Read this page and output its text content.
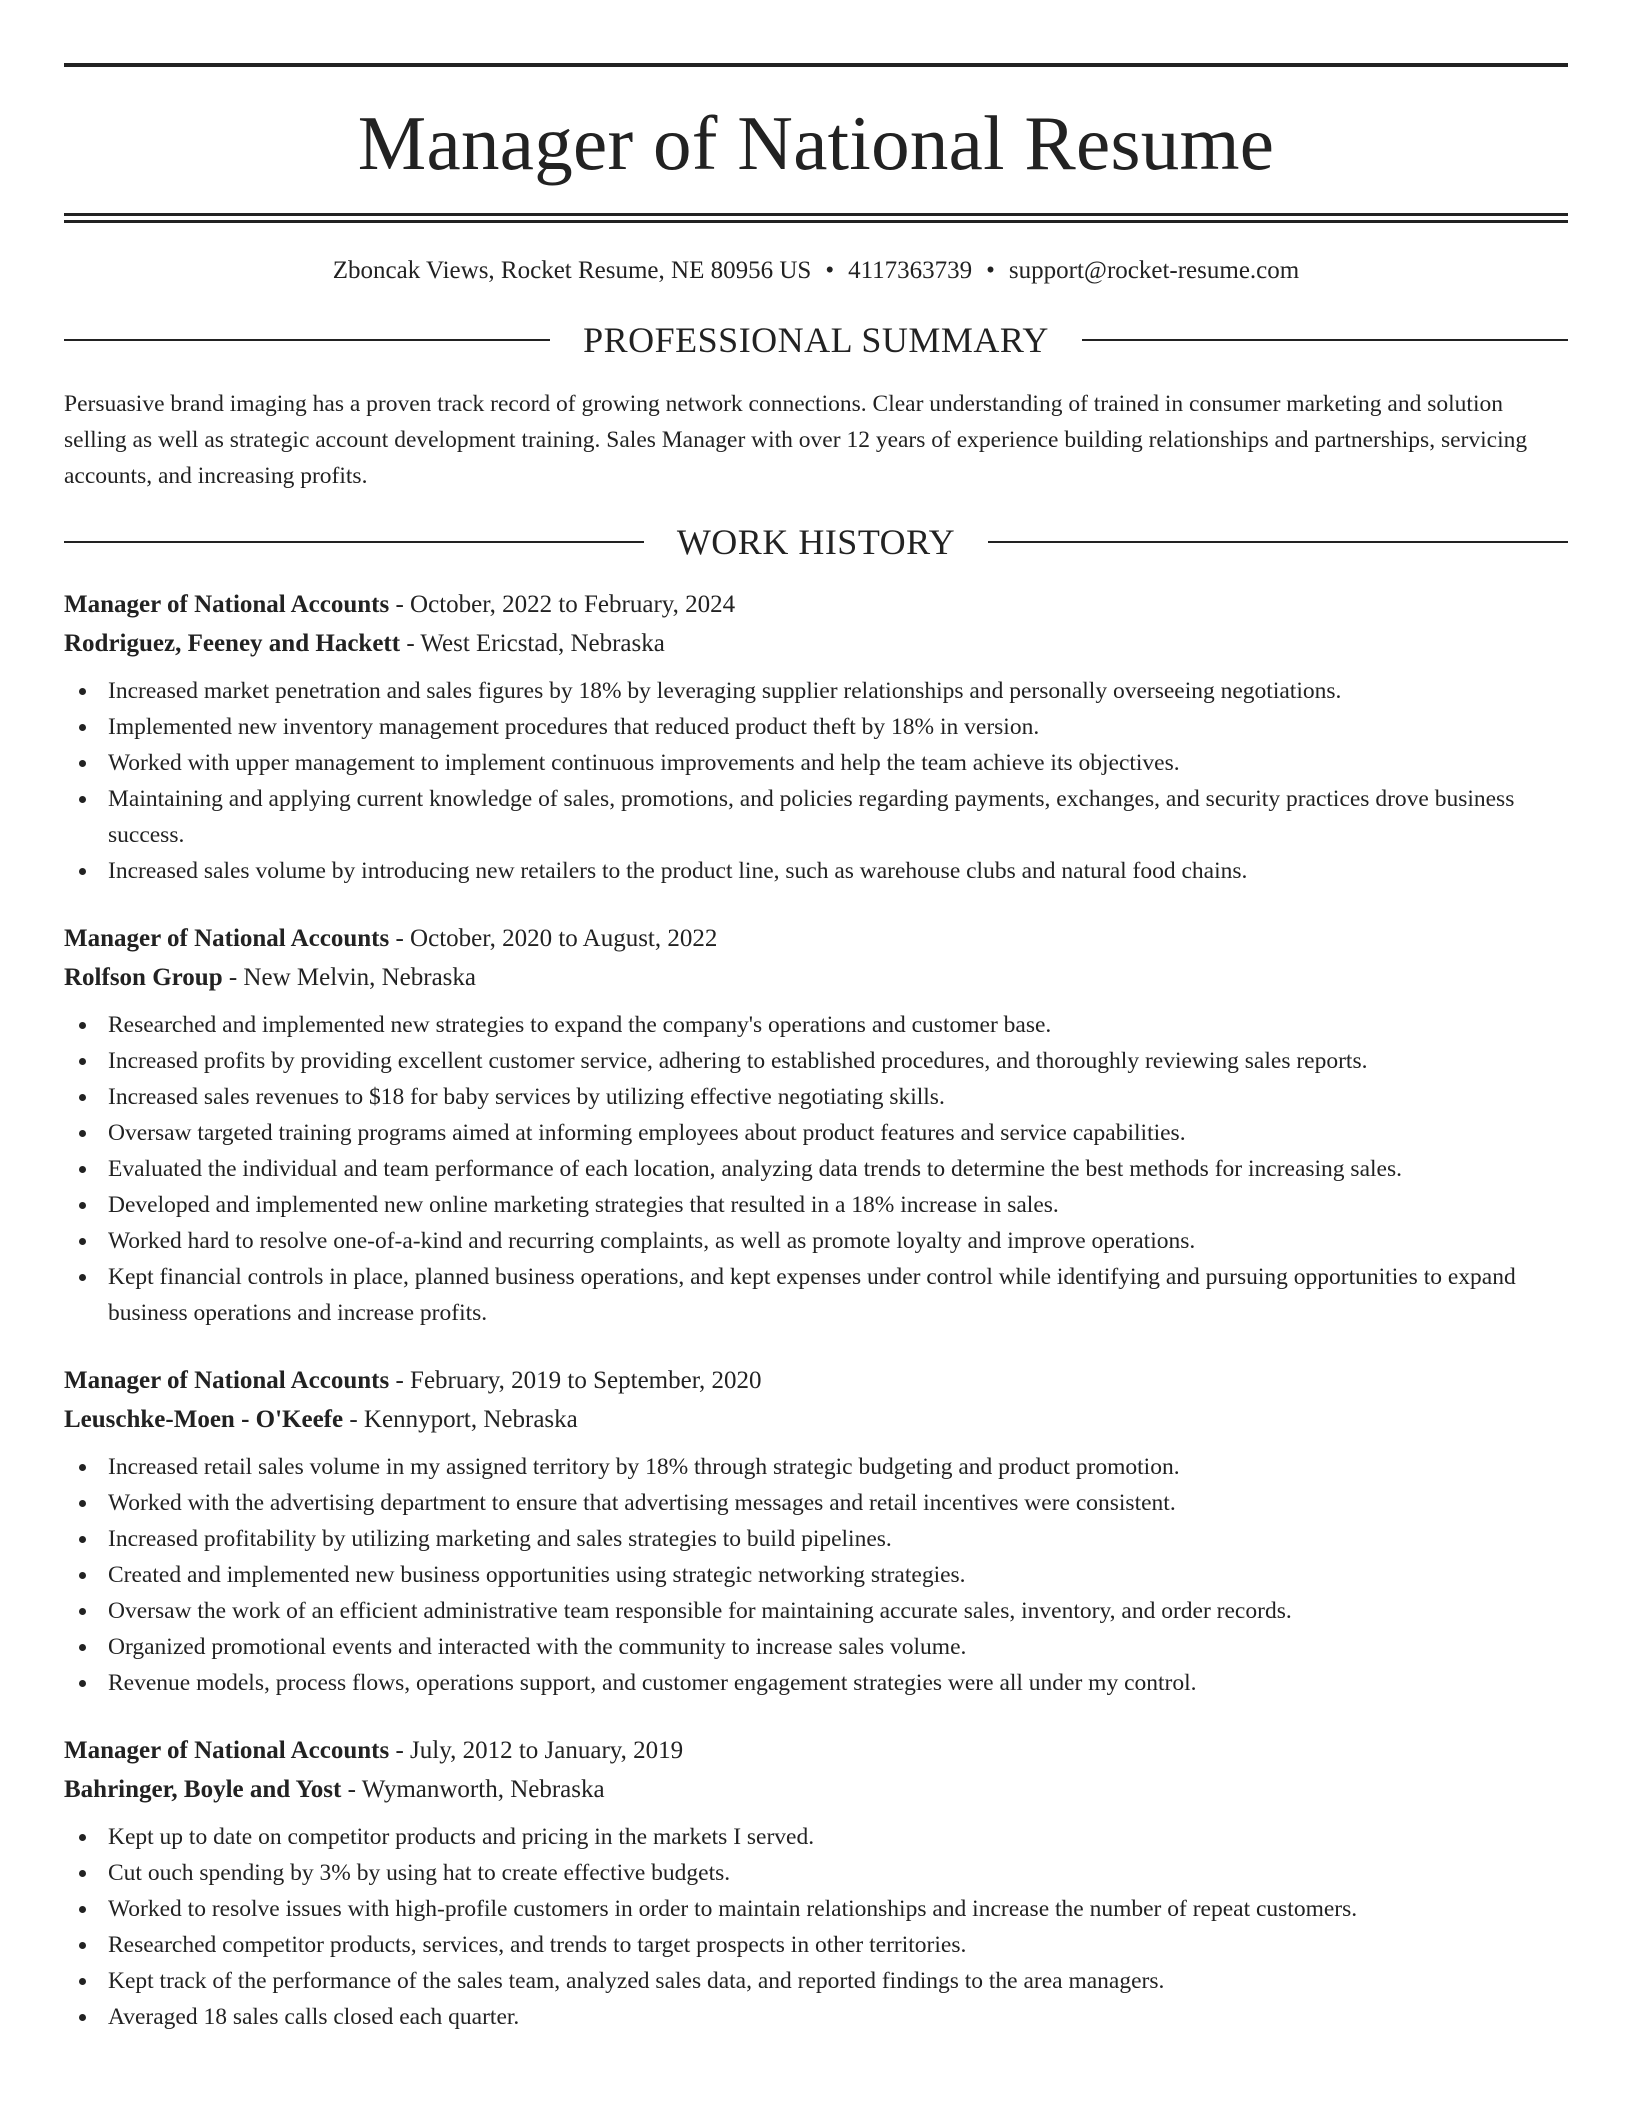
Manager of National Resume
Zboncak Views, Rocket Resume, NE 80956 US • 4117363739 • support@rocket-resume.com
PROFESSIONAL SUMMARY

Persuasive brand imaging has a proven track record of growing network connections. Clear understanding of trained in consumer marketing and solution selling as well as strategic account development training. Sales Manager with over 12 years of experience building relationships and partnerships, servicing accounts, and increasing profits.

WORK HISTORY
Manager of National Accounts - October, 2022 to February, 2024
Rodriguez, Feeney and Hackett - West Ericstad, Nebraska
Increased market penetration and sales figures by 18% by leveraging supplier relationships and personally overseeing negotiations.
Implemented new inventory management procedures that reduced product theft by 18% in version.
Worked with upper management to implement continuous improvements and help the team achieve its objectives.
Maintaining and applying current knowledge of sales, promotions, and policies regarding payments, exchanges, and security practices drove business success.
Increased sales volume by introducing new retailers to the product line, such as warehouse clubs and natural food chains.
Manager of National Accounts - October, 2020 to August, 2022
Rolfson Group - New Melvin, Nebraska
Researched and implemented new strategies to expand the company's operations and customer base.
Increased profits by providing excellent customer service, adhering to established procedures, and thoroughly reviewing sales reports.
Increased sales revenues to $18 for baby services by utilizing effective negotiating skills.
Oversaw targeted training programs aimed at informing employees about product features and service capabilities.
Evaluated the individual and team performance of each location, analyzing data trends to determine the best methods for increasing sales.
Developed and implemented new online marketing strategies that resulted in a 18% increase in sales.
Worked hard to resolve one-of-a-kind and recurring complaints, as well as promote loyalty and improve operations.
Kept financial controls in place, planned business operations, and kept expenses under control while identifying and pursuing opportunities to expand business operations and increase profits.
Manager of National Accounts - February, 2019 to September, 2020
Leuschke-Moen - O'Keefe - Kennyport, Nebraska
Increased retail sales volume in my assigned territory by 18% through strategic budgeting and product promotion.
Worked with the advertising department to ensure that advertising messages and retail incentives were consistent.
Increased profitability by utilizing marketing and sales strategies to build pipelines.
Created and implemented new business opportunities using strategic networking strategies.
Oversaw the work of an efficient administrative team responsible for maintaining accurate sales, inventory, and order records.
Organized promotional events and interacted with the community to increase sales volume.
Revenue models, process flows, operations support, and customer engagement strategies were all under my control.
Manager of National Accounts - July, 2012 to January, 2019
Bahringer, Boyle and Yost - Wymanworth, Nebraska
Kept up to date on competitor products and pricing in the markets I served.
Cut ouch spending by 3% by using hat to create effective budgets.
Worked to resolve issues with high-profile customers in order to maintain relationships and increase the number of repeat customers.
Researched competitor products, services, and trends to target prospects in other territories.
Kept track of the performance of the sales team, analyzed sales data, and reported findings to the area managers.
Averaged 18 sales calls closed each quarter.
